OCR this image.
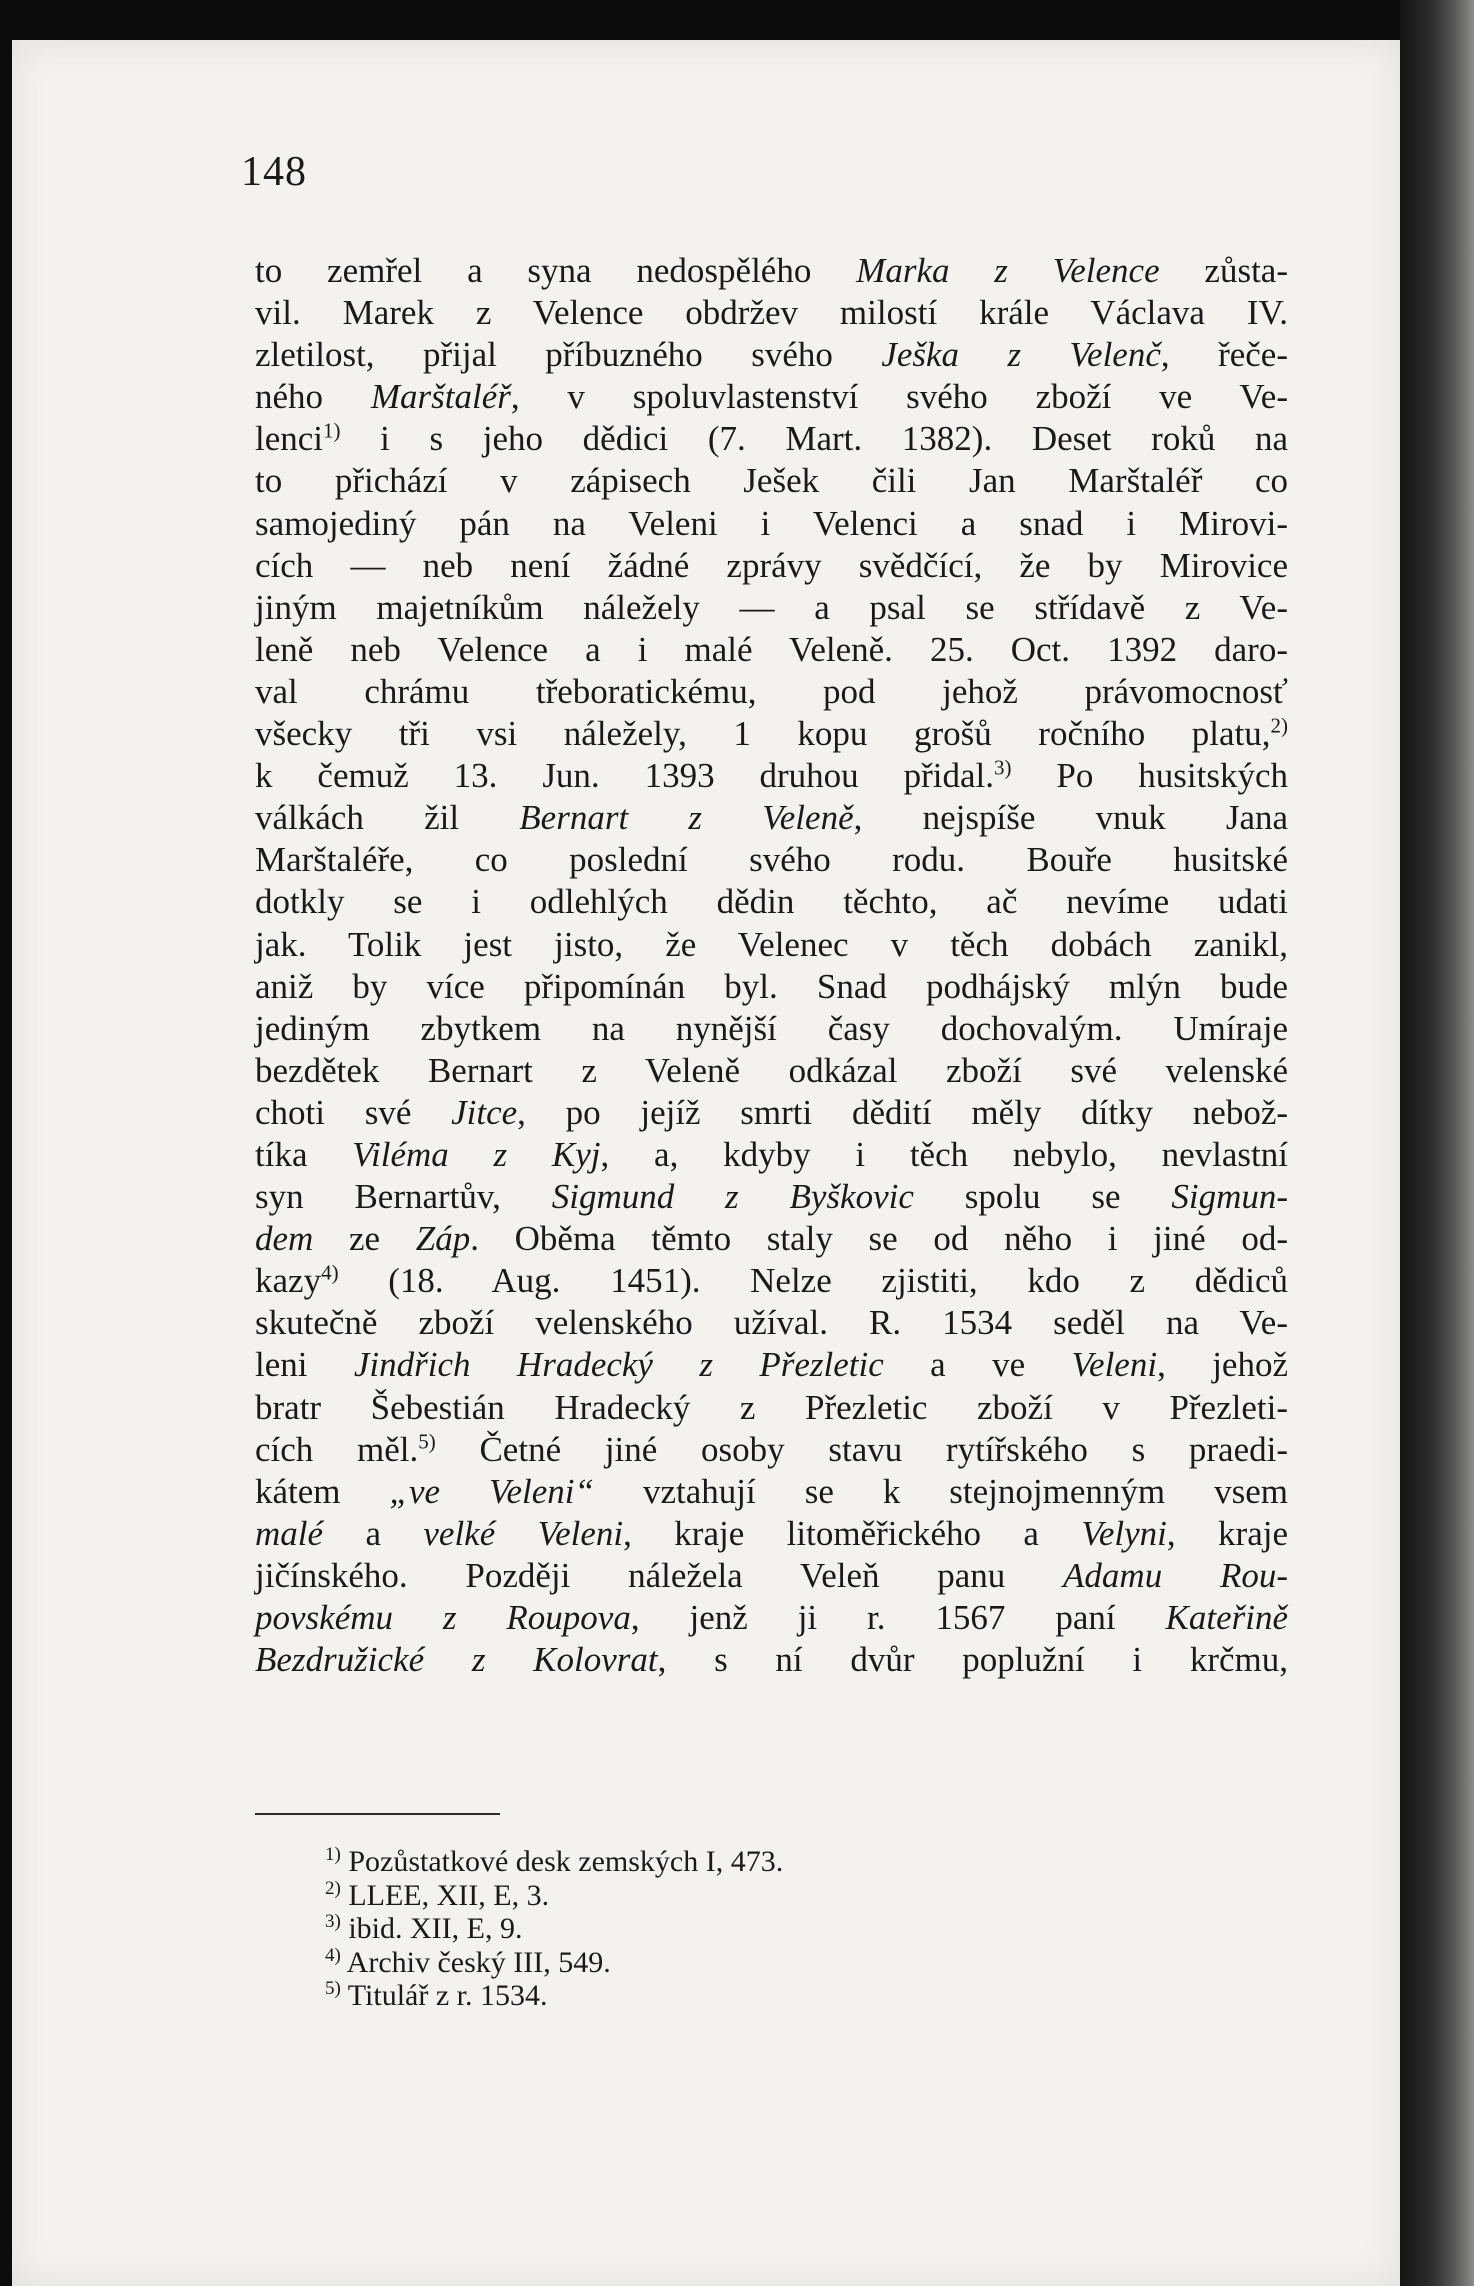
148
to zemřel a syna nedospělého Marka z Velence zůsta-
vil. Marek z Velence obdržev milostí krále Václava IV.
zletilost, přijal příbuzného svého Ješka z Velenč, řeče-
ného Marštaléř, v spoluvlastenství svého zboží ve Ve-
lenci$^{1)}$ i s jeho dědici (7. Mart. 1382). Deset roků na
to přichází v zápisech Ješek čili Jan Marštaléř co
samojediný pán na Veleni i Velenci a snad i Mirovi-
cích — neb není žádné zprávy svědčící, že by Mirovice
jiným majetníkům náležely — a psal se střídavě z Ve-
leně neb Velence a i malé Veleně. 25. Oct. 1392 daro-
val chrámu třeboratickému, pod jehož právomocnosť
všecky tři vsi náležely, 1 kopu grošů ročního platu,$^{2)}$
k čemuž 13. Jun. 1393 druhou přidal.$^{3)}$ Po husitských
válkách žil Bernart z Veleně, nejspíše vnuk Jana
Marštaléře, co poslední svého rodu. Bouře husitské
dotkly se i odlehlých dědin těchto, ač nevíme udati
jak. Tolik jest jisto, že Velenec v těch dobách zanikl,
aniž by více připomínán byl. Snad podhájský mlýn bude
jediným zbytkem na nynější časy dochovalým. Umíraje
bezdětek Bernart z Veleně odkázal zboží své velenské
choti své Jitce, po jejíž smrti dědití měly dítky nebož-
tíka Viléma z Kyj, a, kdyby i těch nebylo, nevlastní
syn Bernartův, Sigmund z Byškovic spolu se Sigmun-
dem ze Záp. Oběma těmto staly se od něho i jiné od-
kazy$^{4)}$ (18. Aug. 1451). Nelze zjistiti, kdo z dědiců
skutečně zboží velenského užíval. R. 1534 seděl na Ve-
leni Jindřich Hradecký z Přezletic a ve Veleni, jehož
bratr Šebestián Hradecký z Přezletic zboží v Přezleti-
cích měl.$^{5)}$ Četné jiné osoby stavu rytířského s praedi-
kátem „ve Veleni“ vztahují se k stejnojmenným vsem
malé a velké Veleni, kraje litoměřického a Velyni, kraje
jičínského. Později náležela Veleň panu Adamu Rou-
povskému z Roupova, jenž ji r. 1567 paní Kateřině
Bezdružické z Kolovrat, s ní dvůr poplužní i krčmu,
$^{1)}$ Pozůstatkové desk zemských I, 473.
$^{2)}$ LLEE, XII, E, 3.
$^{3)}$ ibid. XII, E, 9.
$^{4)}$ Archiv český III, 549.
$^{5)}$ Titulář z r. 1534.
